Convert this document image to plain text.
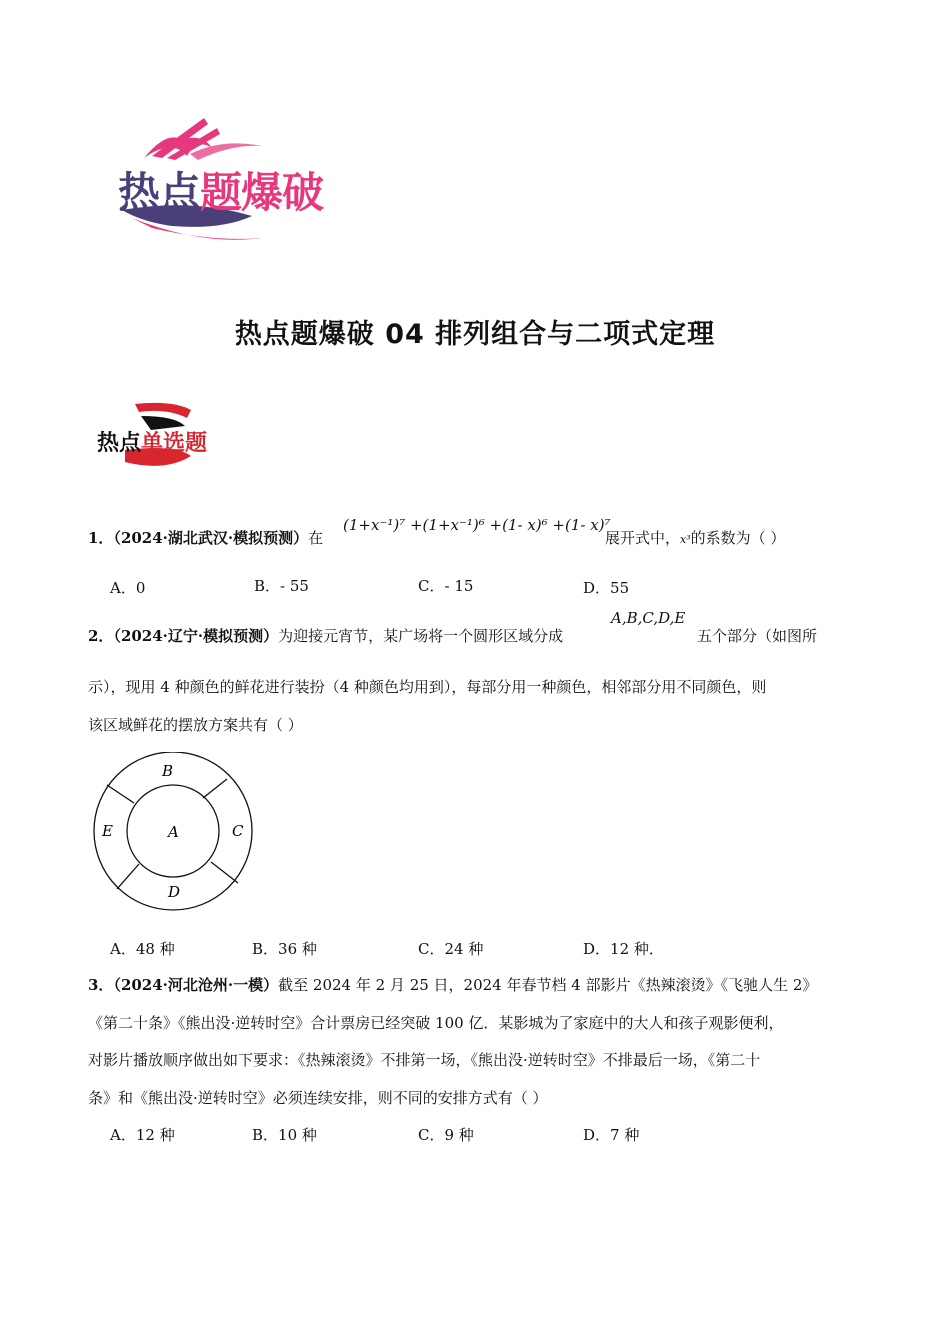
热点题爆破
热点题爆破 04 排列组合与二项式定理
热点单选题
1．（2024·湖北武汉·模拟预测）在
(1+x⁻¹)⁷ +(1+x⁻¹)⁶ +(1- x)⁶ +(1- x)⁷
展开式中，x³的系数为（ ）
A．0	B．- 55	C．- 15	D．55
2．（2024·辽宁·模拟预测）为迎接元宵节，某广场将一个圆形区域分成
A,B,C,D,E
五个部分（如图所
示），现用 4 种颜色的鲜花进行装扮（4 种颜色均用到），每部分用一种颜色，相邻部分用不同颜色，则
该区域鲜花的摆放方案共有（ ）
B
A	C
E
D
A．48 种	B．36 种	C．24 种	D．12 种．
3．（2024·河北沧州·一模）截至 2024 年 2 月 25 日，2024 年春节档 4 部影片《热辣滚烫》《飞驰人生 2》
《第二十条》《熊出没·逆转时空》合计票房已经突破 100 亿．某影城为了家庭中的大人和孩子观影便利，
对影片播放顺序做出如下要求：《热辣滚烫》不排第一场，《熊出没·逆转时空》不排最后一场，《第二十
条》和《熊出没·逆转时空》必须连续安排，则不同的安排方式有（ ）
A．12 种	B．10 种	C．9 种	D．7 种
